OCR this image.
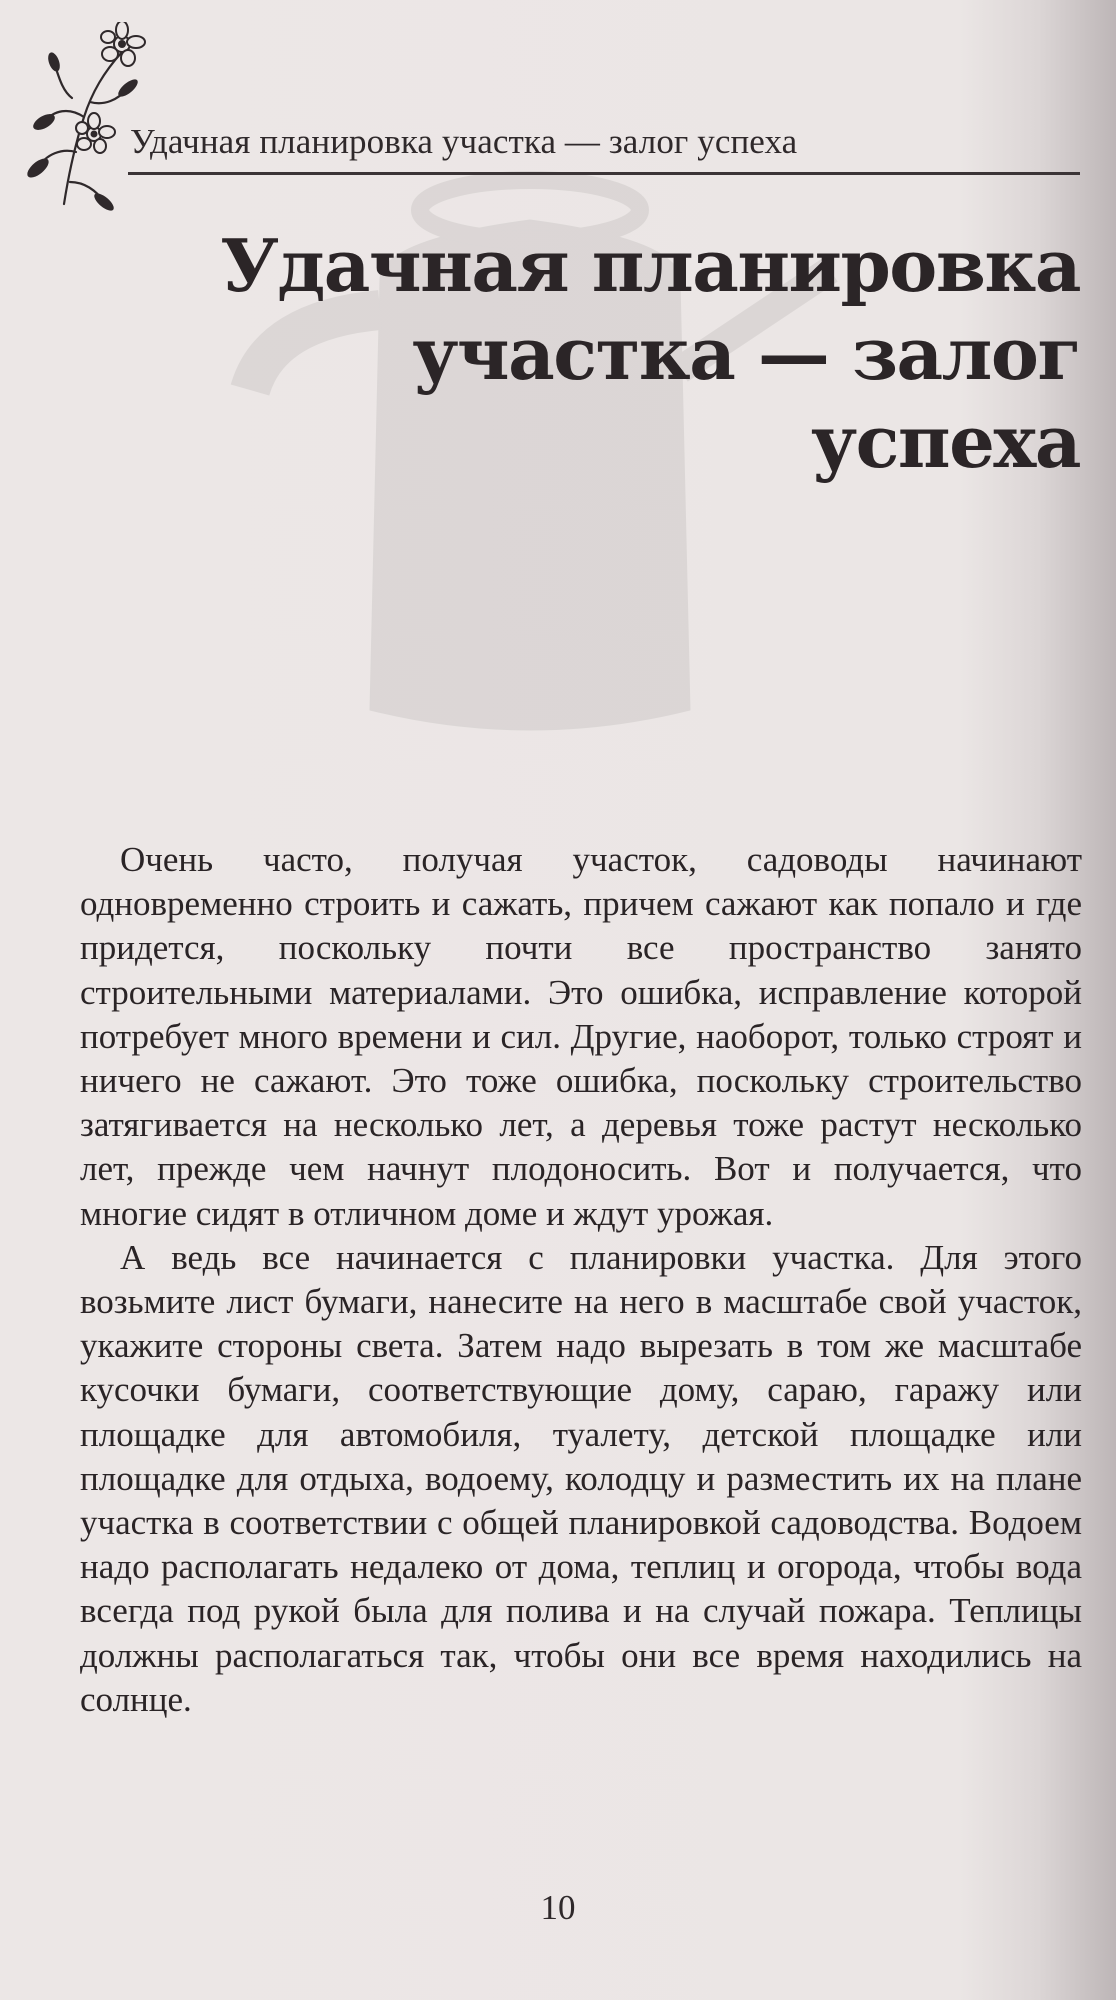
Удачная планировка участка — залог успеха
Удачная планировка
участка — залог
успеха

Очень часто, получая участок, садоводы начинают одновременно строить и сажать, причем сажают как попало и где придется, поскольку почти все пространство занято строительными материалами. Это ошибка, исправление которой потребует много времени и сил. Другие, наоборот, только строят и ничего не сажают. Это тоже ошибка, поскольку строительство затягивается на несколько лет, а деревья тоже растут несколько лет, прежде чем начнут плодоносить. Вот и получается, что многие сидят в отличном доме и ждут урожая.

А ведь все начинается с планировки участка. Для этого возьмите лист бумаги, нанесите на него в масштабе свой участок, укажите стороны света. Затем надо вырезать в том же масштабе кусочки бумаги, соответствующие дому, сараю, гаражу или площадке для автомобиля, туалету, детской площадке или площадке для отдыха, водоему, колодцу и разместить их на плане участка в соответствии с общей планировкой садоводства. Водоем надо располагать недалеко от дома, теплиц и огорода, чтобы вода всегда под рукой была для полива и на случай пожара. Теплицы должны располагаться так, чтобы они все время находились на солнце.

10
